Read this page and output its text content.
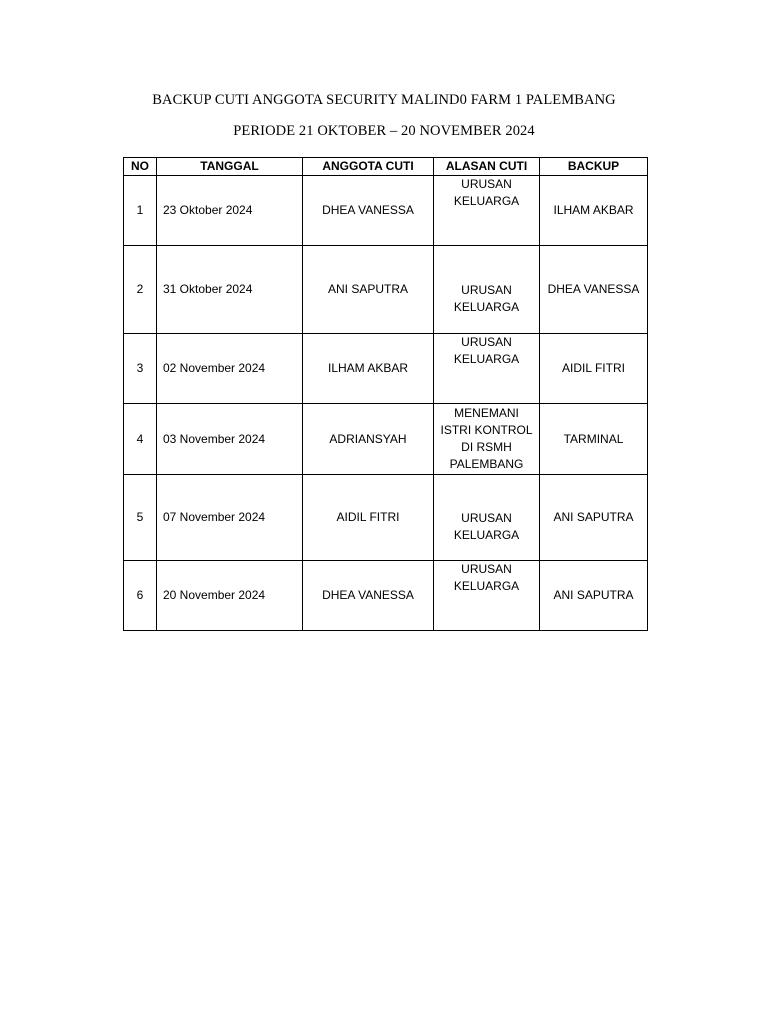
BACKUP CUTI ANGGOTA SECURITY MALIND0 FARM 1 PALEMBANG
PERIODE 21 OKTOBER – 20 NOVEMBER 2024
NO	TANGGAL	ANGGOTA CUTI	ALASAN CUTI	BACKUP
1	23 Oktober 2024	DHEA VANESSA	URUSAN KELUARGA	ILHAM AKBAR
2	31 Oktober 2024	ANI SAPUTRA	URUSAN KELUARGA	DHEA VANESSA
3	02 November 2024	ILHAM AKBAR	URUSAN KELUARGA	AIDIL FITRI
4	03 November 2024	ADRIANSYAH	MENEMANI ISTRI KONTROL DI RSMH PALEMBANG	TARMINAL
5	07 November 2024	AIDIL FITRI	URUSAN KELUARGA	ANI SAPUTRA
6	20 November 2024	DHEA VANESSA	URUSAN KELUARGA	ANI SAPUTRA
